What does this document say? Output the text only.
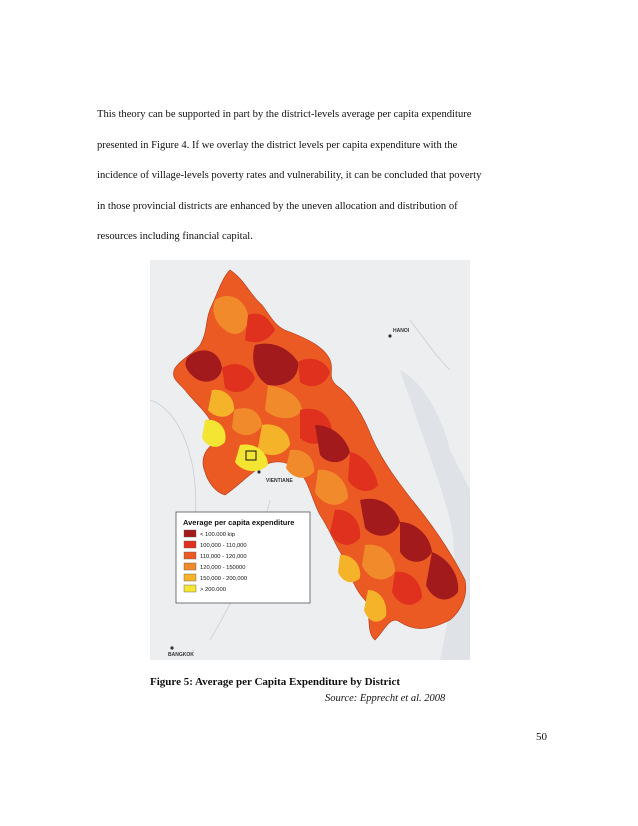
This theory can be supported in part by the district-levels average per capita expenditure
presented in Figure 4. If we overlay the district levels per capita expenditure with the
incidence of village-levels poverty rates and vulnerability, it can be concluded that poverty
in those provincial districts are enhanced by the uneven allocation and distribution of
resources including financial capital.
HANOI
VIENTIANE
BANGKOK
Average per capita expenditure
< 100.000 kip
100,000 - 110,000
110,000 - 120,000
120,000 - 150000
150,000 - 200,000
> 200.000
Figure 5: Average per Capita Expenditure by District
Source: Epprecht et al. 2008
50
